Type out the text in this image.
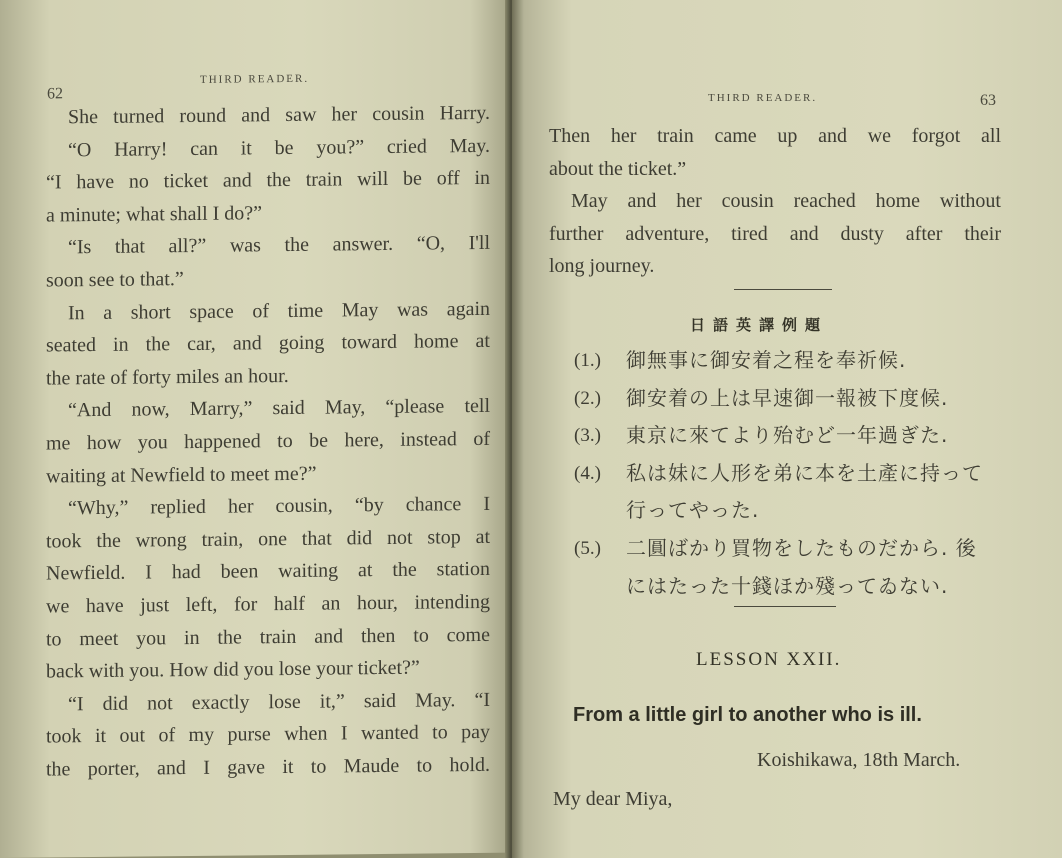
62
THIRD READER.
She turned round and saw her cousin Harry.
“O Harry! can it be you?” cried May.
“I have no ticket and the train will be off in
a minute; what shall I do?”
“Is that all?” was the answer. “O, I'll
soon see to that.”
In a short space of time May was again
seated in the car, and going toward home at
the rate of forty miles an hour.
“And now, Marry,” said May, “please tell
me how you happened to be here, instead of
waiting at Newfield to meet me?”
“Why,” replied her cousin, “by chance I
took the wrong train, one that did not stop at
Newfield. I had been waiting at the station
we have just left, for half an hour, intending
to meet you in the train and then to come
back with you. How did you lose your ticket?”
“I did not exactly lose it,” said May. “I
took it out of my purse when I wanted to pay
the porter, and I gave it to Maude to hold.
THIRD READER.	63
Then her train came up and we forgot all
about the ticket.”
May and her cousin reached home without
further adventure, tired and dusty after their
long journey.
日語英譯例題
(1.)	御無事に御安着之程を奉祈候.
(2.)	御安着の上は早速御一報被下度候.
(3.)	東京に來てより殆むど一年過ぎた.
(4.)	私は妹に人形を弟に本を土產に持って
行ってやった.
(5.)	二圓ばかり買物をしたものだから. 後
にはたった十錢ほか殘ってゐない.
LESSON XXII.
From a little girl to another who is ill.
Koishikawa, 18th March.
My dear Miya,
